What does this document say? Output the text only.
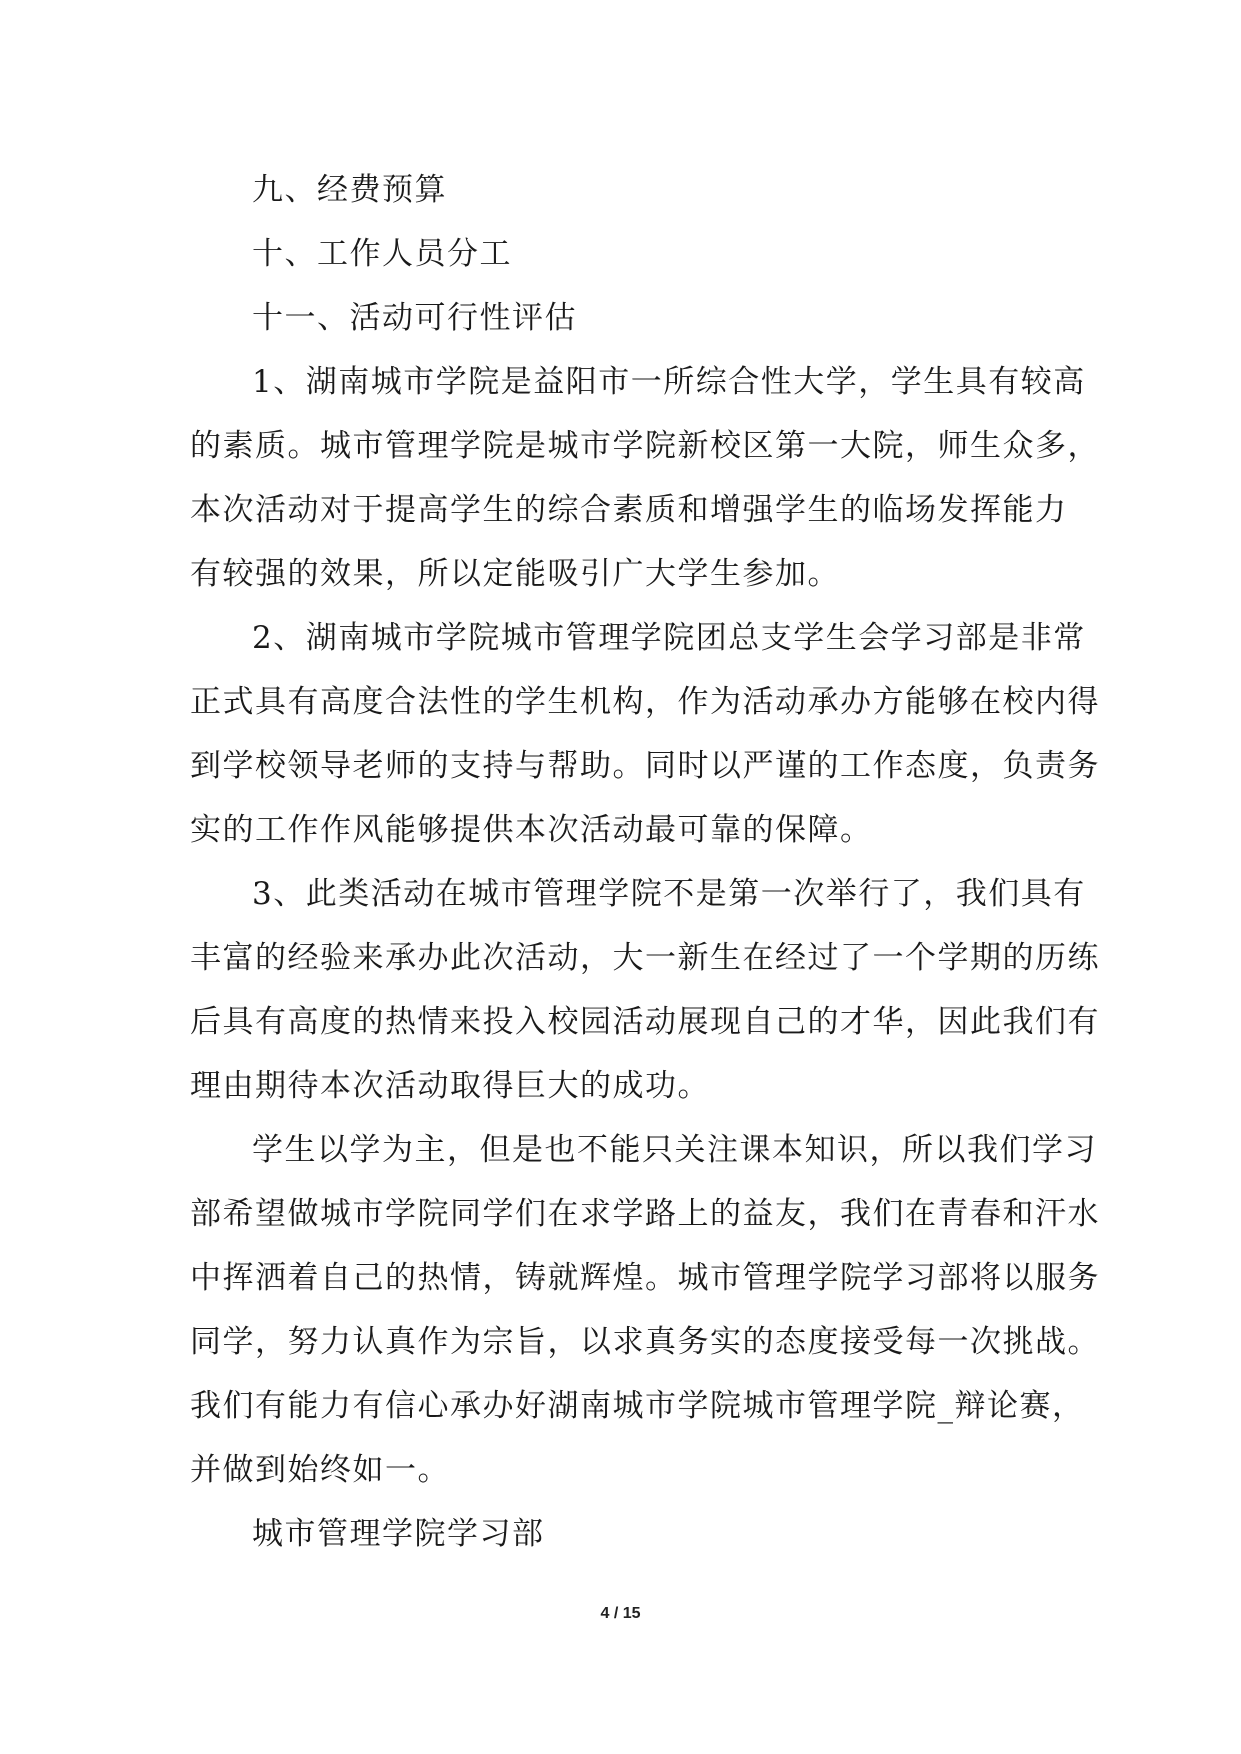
九、经费预算
十、工作人员分工
十一、活动可行性评估
1、湖南城市学院是益阳市一所综合性大学，学生具有较高
的素质。城市管理学院是城市学院新校区第一大院，师生众多，
本次活动对于提高学生的综合素质和增强学生的临场发挥能力
有较强的效果，所以定能吸引广大学生参加。
2、湖南城市学院城市管理学院团总支学生会学习部是非常
正式具有高度合法性的学生机构，作为活动承办方能够在校内得
到学校领导老师的支持与帮助。同时以严谨的工作态度，负责务
实的工作作风能够提供本次活动最可靠的保障。
3、此类活动在城市管理学院不是第一次举行了，我们具有
丰富的经验来承办此次活动，大一新生在经过了一个学期的历练
后具有高度的热情来投入校园活动展现自己的才华，因此我们有
理由期待本次活动取得巨大的成功。
学生以学为主，但是也不能只关注课本知识，所以我们学习
部希望做城市学院同学们在求学路上的益友，我们在青春和汗水
中挥洒着自己的热情，铸就辉煌。城市管理学院学习部将以服务
同学，努力认真作为宗旨，以求真务实的态度接受每一次挑战。
我们有能力有信心承办好湖南城市学院城市管理学院_辩论赛，
并做到始终如一。
城市管理学院学习部
4 / 15
